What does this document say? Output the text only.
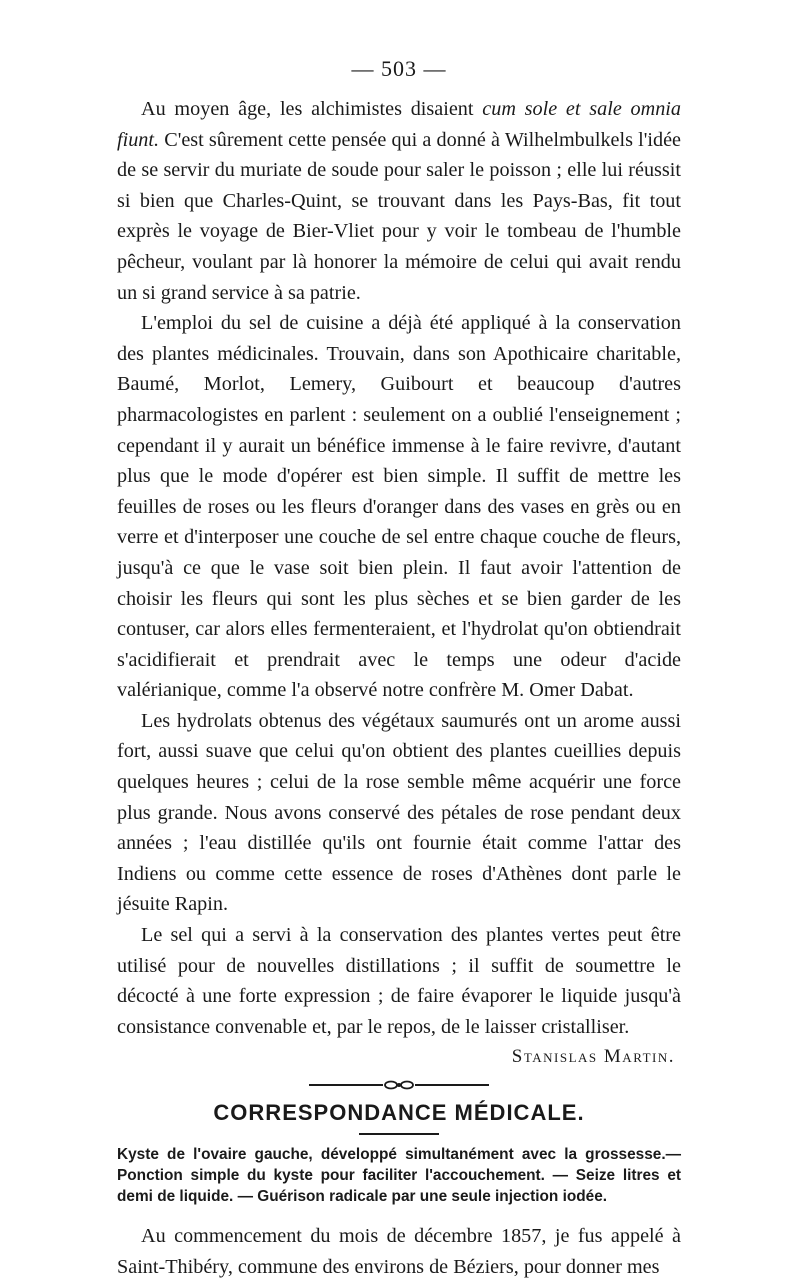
— 503 —

Au moyen âge, les alchimistes disaient cum sole et sale omnia fiunt. C'est sûrement cette pensée qui a donné à Wilhelmbulkels l'idée de se servir du muriate de soude pour saler le poisson ; elle lui réussit si bien que Charles-Quint, se trouvant dans les Pays-Bas, fit tout exprès le voyage de Bier-Vliet pour y voir le tombeau de l'humble pêcheur, voulant par là honorer la mémoire de celui qui avait rendu un si grand service à sa patrie.

L'emploi du sel de cuisine a déjà été appliqué à la conservation des plantes médicinales. Trouvain, dans son Apothicaire charitable, Baumé, Morlot, Lemery, Guibourt et beaucoup d'autres pharmacologistes en parlent : seulement on a oublié l'enseignement ; cependant il y aurait un bénéfice immense à le faire revivre, d'autant plus que le mode d'opérer est bien simple. Il suffit de mettre les feuilles de roses ou les fleurs d'oranger dans des vases en grès ou en verre et d'interposer une couche de sel entre chaque couche de fleurs, jusqu'à ce que le vase soit bien plein. Il faut avoir l'attention de choisir les fleurs qui sont les plus sèches et se bien garder de les contuser, car alors elles fermenteraient, et l'hydrolat qu'on obtiendrait s'acidifierait et prendrait avec le temps une odeur d'acide valérianique, comme l'a observé notre confrère M. Omer Dabat.

Les hydrolats obtenus des végétaux saumurés ont un arome aussi fort, aussi suave que celui qu'on obtient des plantes cueillies depuis quelques heures ; celui de la rose semble même acquérir une force plus grande. Nous avons conservé des pétales de rose pendant deux années ; l'eau distillée qu'ils ont fournie était comme l'attar des Indiens ou comme cette essence de roses d'Athènes dont parle le jésuite Rapin.

Le sel qui a servi à la conservation des plantes vertes peut être utilisé pour de nouvelles distillations ; il suffit de soumettre le décocté à une forte expression ; de faire évaporer le liquide jusqu'à consistance convenable et, par le repos, de le laisser cristalliser.

Stanislas Martin.
CORRESPONDANCE MÉDICALE.

Kyste de l'ovaire gauche, développé simultanément avec la grossesse.—Ponction simple du kyste pour faciliter l'accouchement. — Seize litres et demi de liquide. — Guérison radicale par une seule injection iodée.

Au commencement du mois de décembre 1857, je fus appelé à Saint-Thibéry, commune des environs de Béziers, pour donner mes
